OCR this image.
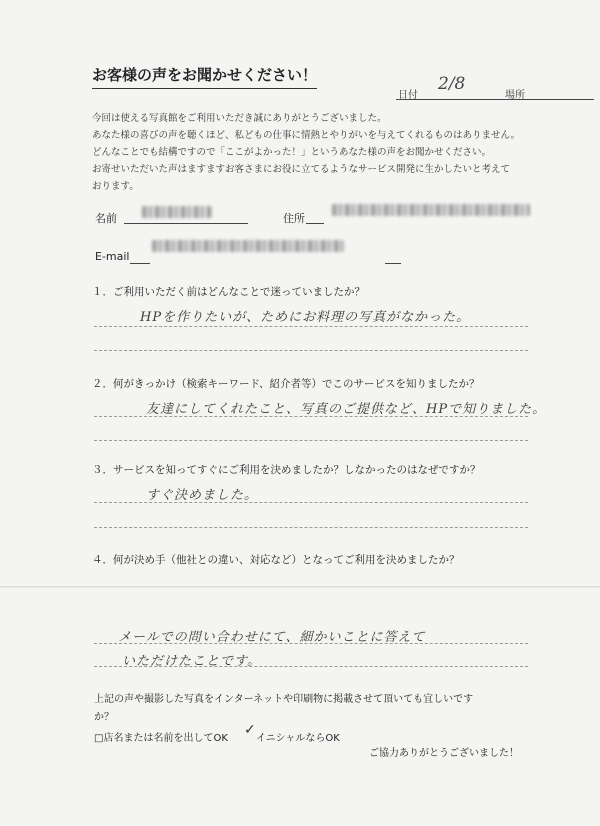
お客様の声をお聞かせください！
日付
2/8
場所
今回は使える写真館をご利用いただき誠にありがとうございました。
あなた様の喜びの声を聴くほど、私どもの仕事に情熱とやりがいを与えてくれるものはありません。
どんなことでも結構ですので「ここがよかった！」というあなた様の声をお聞かせください。
お寄せいただいた声はますますお客さまにお役に立てるようなサービス開発に生かしたいと考えて
おります。
名前	住所
E-mail
１．ご利用いただく前はどんなことで迷っていましたか？
HPを作りたいが、ためにお料理の写真がなかった。
２．何がきっかけ（検索キーワード、紹介者等）でこのサービスを知りましたか？
友達にしてくれたこと、写真のご提供など、HPで知りました。
３．サービスを知ってすぐにご利用を決めましたか？しなかったのはなぜですか？
すぐ決めました。
４．何が決め手（他社との違い、対応など）となってご利用を決めましたか？
メールでの問い合わせにて、細かいことに答えて
いただけたことです。
上記の声や撮影した写真をインターネットや印刷物に掲載させて頂いても宜しいです
か？
□店名または名前を出してOK
✓
イニシャルならOK
ご協力ありがとうございました！
